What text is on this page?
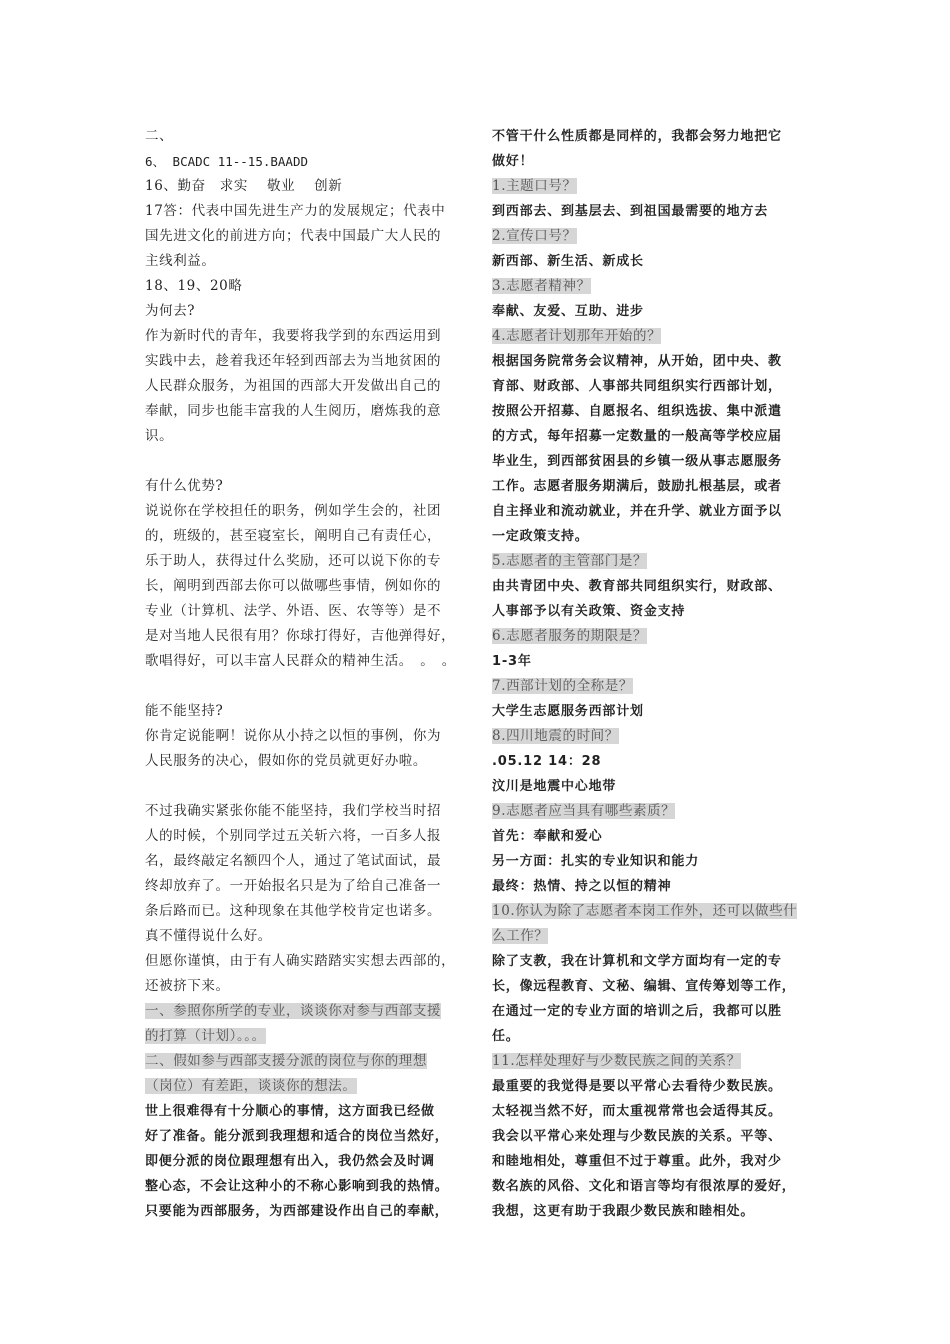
二、
6、 BCADC 11--15.BAADD
16、勤奋　求实　 敬业　 创新
17答：代表中国先进生产力的发展规定；代表中
国先进文化的前进方向；代表中国最广大人民的
主线利益。
18、19、20略
为何去?
作为新时代的青年，我要将我学到的东西运用到
实践中去，趁着我还年轻到西部去为当地贫困的
人民群众服务，为祖国的西部大开发做出自己的
奉献，同步也能丰富我的人生阅历，磨炼我的意
识。
有什么优势?
说说你在学校担任的职务，例如学生会的，社团
的，班级的，甚至寝室长，阐明自己有责任心，
乐于助人，获得过什么奖励，还可以说下你的专
长，阐明到西部去你可以做哪些事情，例如你的
专业（计算机、法学、外语、医、农等等）是不
是对当地人民很有用？你球打得好，吉他弹得好，
歌唱得好，可以丰富人民群众的精神生活。　。　。
能不能坚持?
你肯定说能啊！说你从小持之以恒的事例，你为
人民服务的决心，假如你的党员就更好办啦。
不过我确实紧张你能不能坚持，我们学校当时招
人的时候，个别同学过五关斩六将，一百多人报
名，最终敲定名额四个人，通过了笔试面试，最
终却放弃了。一开始报名只是为了给自己准备一
条后路而已。这种现象在其他学校肯定也诺多。
真不懂得说什么好。
但愿你谨慎，由于有人确实踏踏实实想去西部的，
还被挤下来。
一、参照你所学的专业，谈谈你对参与西部支援
的打算（计划）。。。
二、假如参与西部支援分派的岗位与你的理想
（岗位）有差距，谈谈你的想法。
世上很难得有十分顺心的事情，这方面我已经做
好了准备。能分派到我理想和适合的岗位当然好，
即便分派的岗位跟理想有出入，我仍然会及时调
整心态，不会让这种小的不称心影响到我的热情。
只要能为西部服务，为西部建设作出自己的奉献，
不管干什么性质都是同样的，我都会努力地把它
做好！
1.主题口号？
到西部去、到基层去、到祖国最需要的地方去
2.宣传口号？
新西部、新生活、新成长
3.志愿者精神？
奉献、友爱、互助、进步
4.志愿者计划那年开始的？
根据国务院常务会议精神，从开始，团中央、教
育部、财政部、人事部共同组织实行西部计划，
按照公开招募、自愿报名、组织选拔、集中派遣
的方式，每年招募一定数量的一般高等学校应届
毕业生，到西部贫困县的乡镇一级从事志愿服务
工作。志愿者服务期满后，鼓励扎根基层，或者
自主择业和流动就业，并在升学、就业方面予以
一定政策支持。
5.志愿者的主管部门是？
由共青团中央、教育部共同组织实行，财政部、
人事部予以有关政策、资金支持
6.志愿者服务的期限是？
1-3年
7.西部计划的全称是？
大学生志愿服务西部计划
8.四川地震的时间？
.05.12 14：28
汶川是地震中心地带
9.志愿者应当具有哪些素质？
首先：奉献和爱心
另一方面：扎实的专业知识和能力
最终：热情、持之以恒的精神
10.你认为除了志愿者本岗工作外，还可以做些什
么工作？
除了支教，我在计算机和文学方面均有一定的专
长，像远程教育、文秘、编辑、宣传筹划等工作，
在通过一定的专业方面的培训之后，我都可以胜
任。
11.怎样处理好与少数民族之间的关系？
最重要的我觉得是要以平常心去看待少数民族。
太轻视当然不好，而太重视常常也会适得其反。
我会以平常心来处理与少数民族的关系。平等、
和睦地相处，尊重但不过于尊重。此外，我对少
数名族的风俗、文化和语言等均有很浓厚的爱好，
我想，这更有助于我跟少数民族和睦相处。
